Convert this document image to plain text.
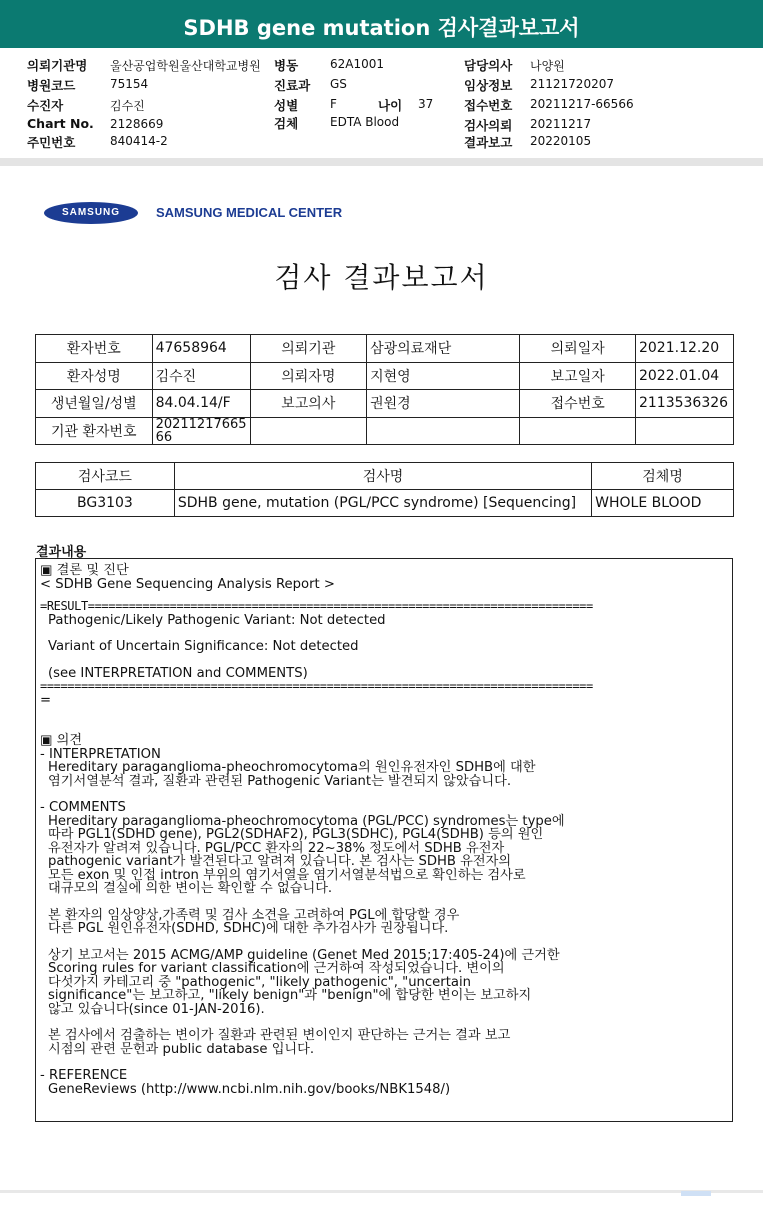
SDHB gene mutation 검사결과보고서
의뢰기관명 울산공업학원울산대학교병원
병원코드	75154
수진자	김수진
Chart No. 2128669
주민번호	840414-2
병동	62A1001
진료과 GS
성별	F	나이 37
검체	EDTA Blood
담당의사 나양원
임상정보 21121720207
접수번호 20211217-66566
검사의뢰 20211217
결과보고 20220105
SAMSUNG	SAMSUNG MEDICAL CENTER
검사 결과보고서
환자번호	47658964	의뢰기관	삼광의료재단	의뢰일자	2021.12.20
환자성명	김수진	의뢰자명	지현영	보고일자	2022.01.04
생년월일/성별	84.04.14/F	보고의사	권원경	접수번호	2113536326
기관 환자번호	20211217665
66				

검사코드	검사명	검체명
BG3103	SDHB gene, mutation (PGL/PCC syndrome) [Sequencing]	WHOLE BLOOD
결과내용

▣ 결론 및 진단

< SDHB Gene Sequencing Analysis Report >

=RESULT==========================================================================

Pathogenic/Likely Pathogenic Variant: Not detected

Variant of Uncertain Significance: Not detected

(see INTERPRETATION and COMMENTS)

=================================================================================

=

▣ 의견

- INTERPRETATION

Hereditary paraganglioma-pheochromocytoma의 원인유전자인 SDHB에 대한

염기서열분석 결과, 질환과 관련된 Pathogenic Variant는 발견되지 않았습니다.

- COMMENTS

Hereditary paraganglioma-pheochromocytoma (PGL/PCC) syndromes는 type에

따라 PGL1(SDHD gene), PGL2(SDHAF2), PGL3(SDHC), PGL4(SDHB) 등의 원인

유전자가 알려져 있습니다. PGL/PCC 환자의 22~38% 정도에서 SDHB 유전자

pathogenic variant가 발견된다고 알려져 있습니다. 본 검사는 SDHB 유전자의

모든 exon 및 인접 intron 부위의 염기서열을 염기서열분석법으로 확인하는 검사로

대규모의 결실에 의한 변이는 확인할 수 없습니다.

본 환자의 임상양상,가족력 및 검사 소견을 고려하여 PGL에 합당할 경우

다른 PGL 원인유전자(SDHD, SDHC)에 대한 추가검사가 권장됩니다.

상기 보고서는 2015 ACMG/AMP guideline (Genet Med 2015;17:405-24)에 근거한

Scoring rules for variant classification에 근거하여 작성되었습니다. 변이의

다섯가지 카테고리 중 "pathogenic", "likely pathogenic", "uncertain

significance"는 보고하고, "likely benign"과 "benign"에 합당한 변이는 보고하지

않고 있습니다(since 01-JAN-2016).

본 검사에서 검출하는 변이가 질환과 관련된 변이인지 판단하는 근거는 결과 보고

시점의 관련 문헌과 public database 입니다.

- REFERENCE

GeneReviews (http://www.ncbi.nlm.nih.gov/books/NBK1548/)
